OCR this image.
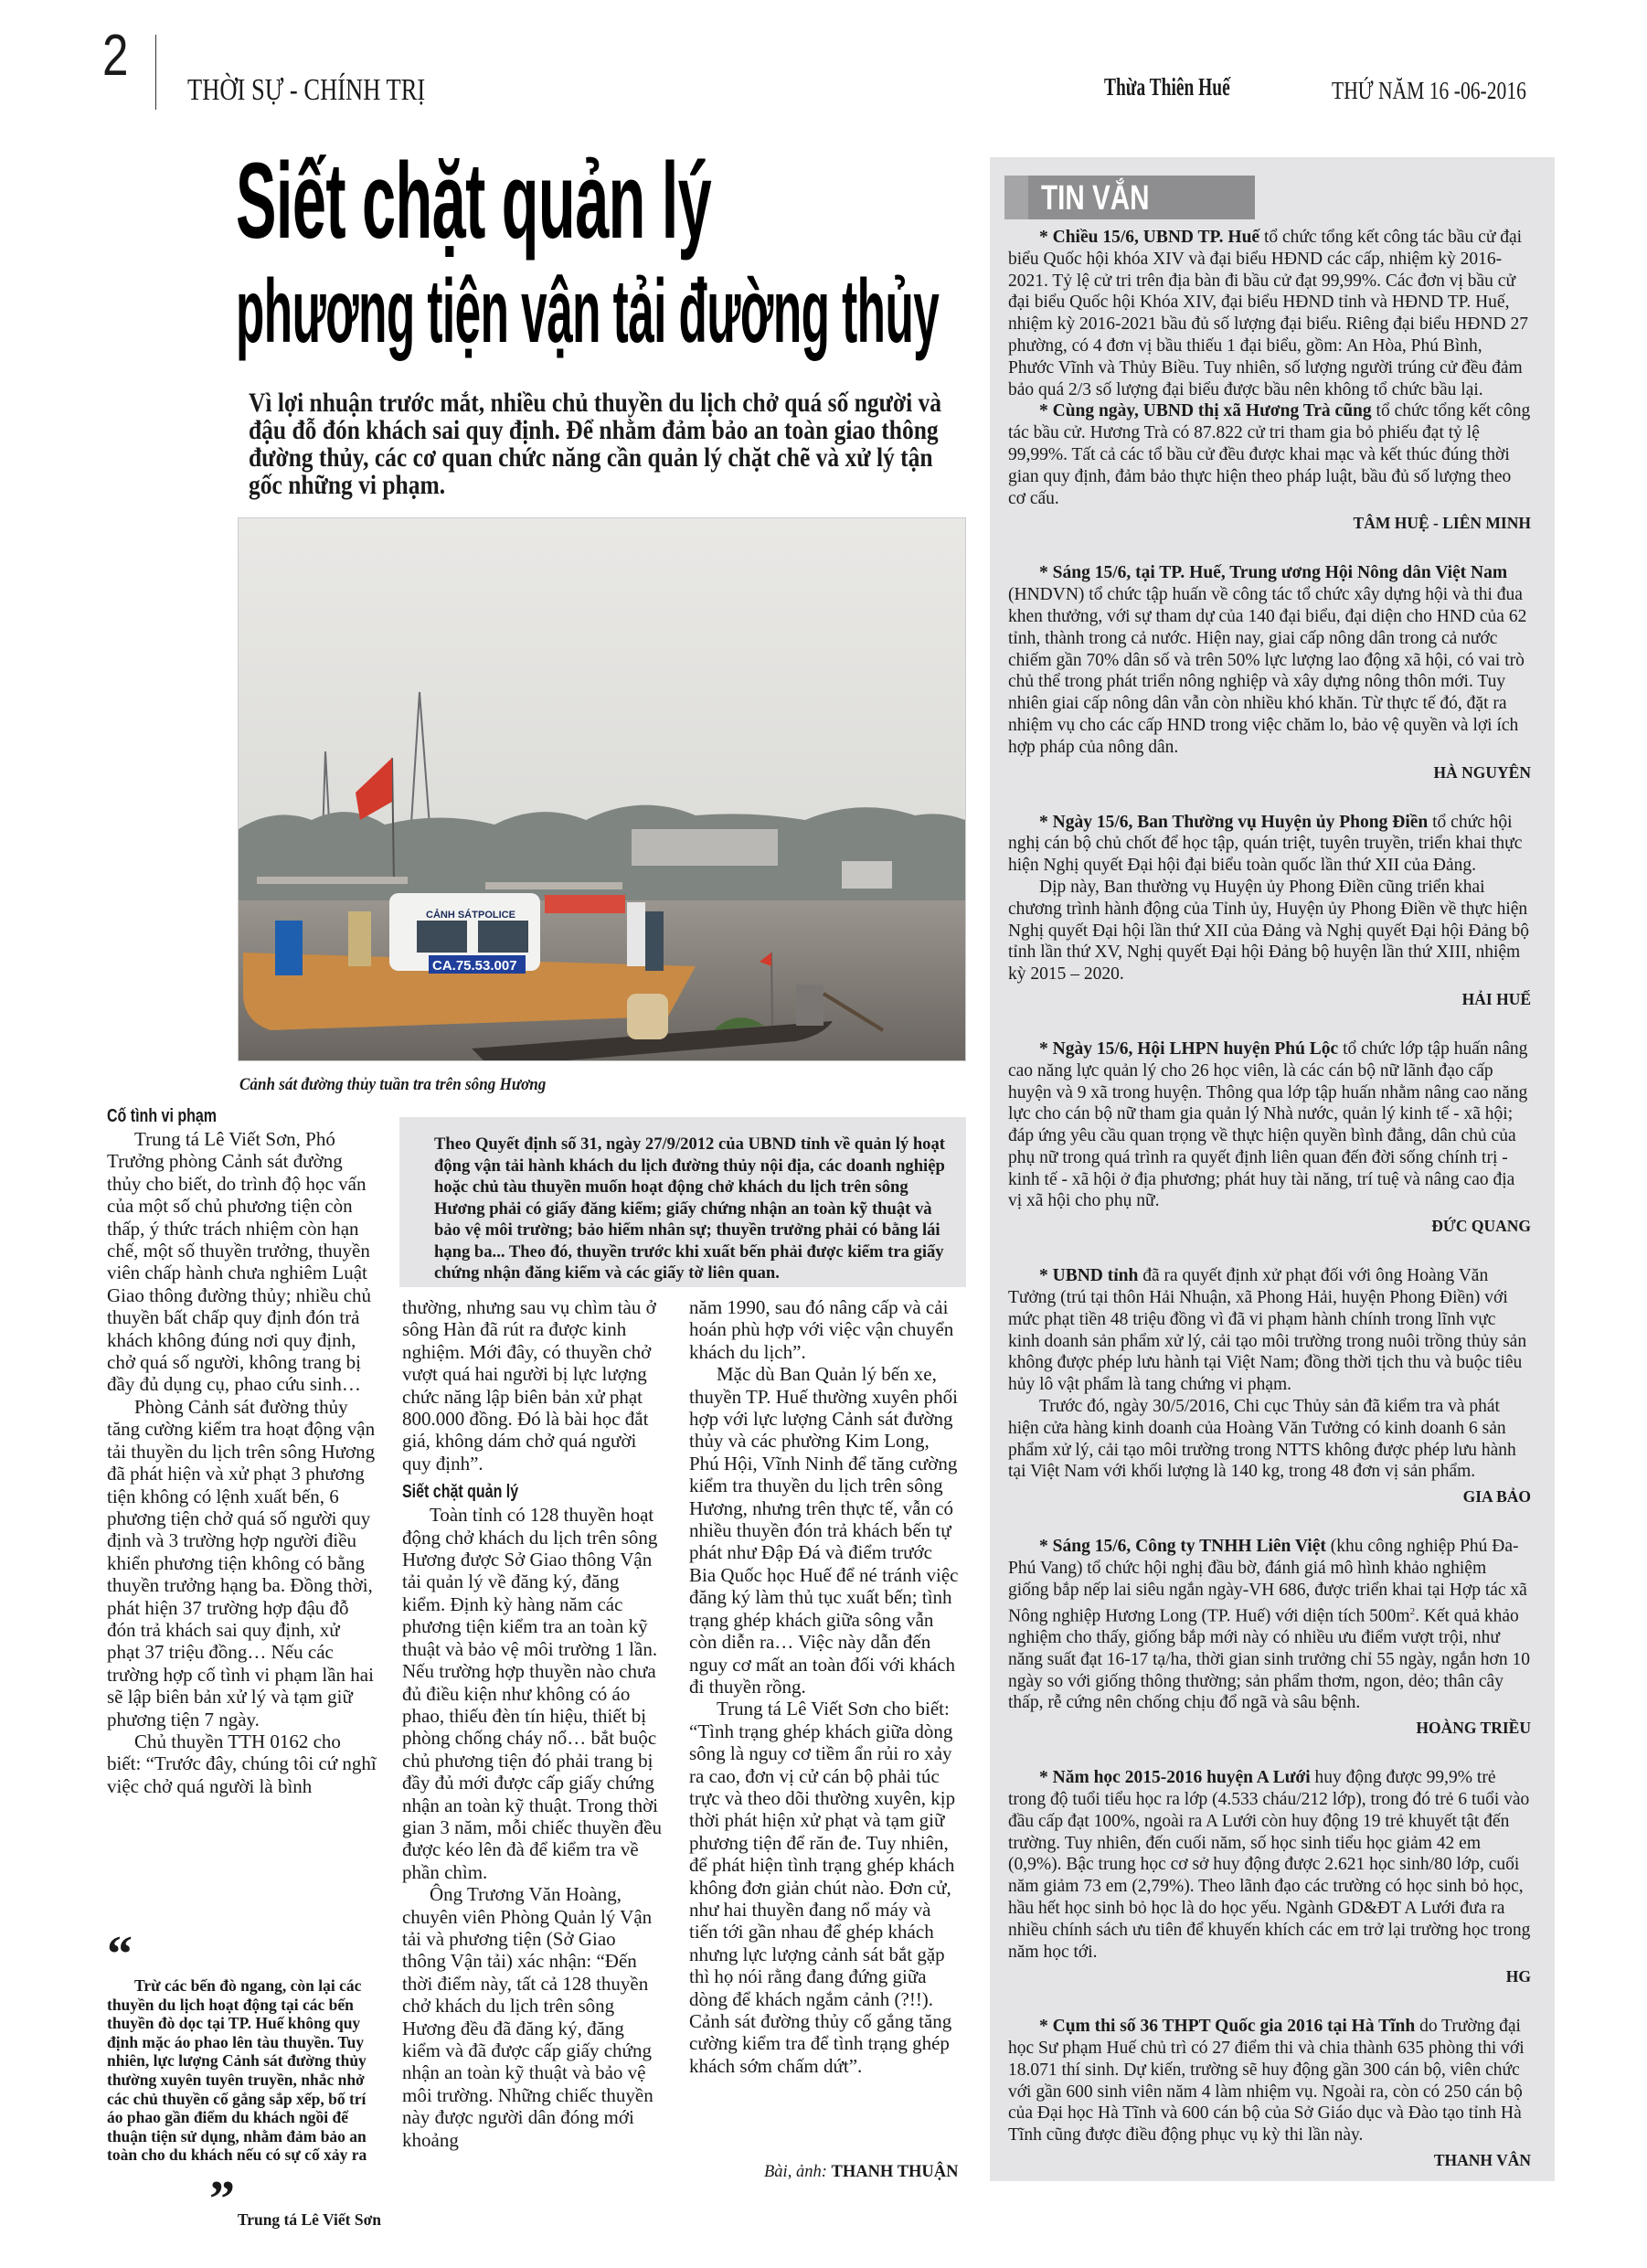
2
THỜI SỰ - CHÍNH TRỊ	Thừa Thiên Huế	THỨ NĂM 16 -06-2016
Siết chặt quản lý
phương tiện vận tải đường thủy
Vì lợi nhuận trước mắt, nhiều chủ thuyền du lịch chở quá số người và đậu đỗ đón khách sai quy định. Để nhằm đảm bảo an toàn giao thông đường thủy, các cơ quan chức năng cần quản lý chặt chẽ và xử lý tận gốc những vi phạm.
CẢNH SÁT POLICE
CA.75.53.007
Cảnh sát đường thủy tuần tra trên sông Hương
Theo Quyết định số 31, ngày 27/9/2012 của UBND tỉnh về quản lý hoạt động vận tải hành khách du lịch đường thủy nội địa, các doanh nghiệp hoặc chủ tàu thuyền muốn hoạt động chở khách du lịch trên sông Hương phải có giấy đăng kiểm; giấy chứng nhận an toàn kỹ thuật và bảo vệ môi trường; bảo hiểm nhân sự; thuyền trưởng phải có bằng lái hạng ba... Theo đó, thuyền trước khi xuất bến phải được kiểm tra giấy chứng nhận đăng kiểm và các giấy tờ liên quan.
Cố tình vi phạm

Trung tá Lê Viết Sơn, Phó Trưởng phòng Cảnh sát đường thủy cho biết, do trình độ học vấn của một số chủ phương tiện còn thấp, ý thức trách nhiệm còn hạn chế, một số thuyền trưởng, thuyền viên chấp hành chưa nghiêm Luật Giao thông đường thủy; nhiều chủ thuyền bất chấp quy định đón trả khách không đúng nơi quy định, chở quá số người, không trang bị đầy đủ dụng cụ, phao cứu sinh…

Phòng Cảnh sát đường thủy tăng cường kiểm tra hoạt động vận tải thuyền du lịch trên sông Hương đã phát hiện và xử phạt 3 phương tiện không có lệnh xuất bến, 6 phương tiện chở quá số người quy định và 3 trường hợp người điều khiển phương tiện không có bằng thuyền trưởng hạng ba. Đồng thời, phát hiện 37 trường hợp đậu đỗ đón trả khách sai quy định, xử phạt 37 triệu đồng… Nếu các trường hợp cố tình vi phạm lần hai sẽ lập biên bản xử lý và tạm giữ phương tiện 7 ngày.

Chủ thuyền TTH 0162 cho biết: “Trước đây, chúng tôi cứ nghĩ việc chở quá người là bình

“

Trừ các bến đò ngang, còn lại các thuyền du lịch hoạt động tại các bến thuyền đò dọc tại TP. Huế không quy định mặc áo phao lên tàu thuyền. Tuy nhiên, lực lượng Cảnh sát đường thủy thường xuyên tuyên truyền, nhắc nhở các chủ thuyền cố gắng sắp xếp, bố trí áo phao gần điểm du khách ngồi để thuận tiện sử dụng, nhằm đảm bảo an toàn cho du khách nếu có sự cố xảy ra

” Trung tá Lê Viết Sơn

thường, nhưng sau vụ chìm tàu ở sông Hàn đã rút ra được kinh nghiệm. Mới đây, có thuyền chở vượt quá hai người bị lực lượng chức năng lập biên bản xử phạt 800.000 đồng. Đó là bài học đắt giá, không dám chở quá người quy định”.

Siết chặt quản lý

Toàn tỉnh có 128 thuyền hoạt động chở khách du lịch trên sông Hương được Sở Giao thông Vận tải quản lý về đăng ký, đăng kiểm. Định kỳ hàng năm các phương tiện kiểm tra an toàn kỹ thuật và bảo vệ môi trường 1 lần. Nếu trường hợp thuyền nào chưa đủ điều kiện như không có áo phao, thiếu đèn tín hiệu, thiết bị phòng chống cháy nổ… bắt buộc chủ phương tiện đó phải trang bị đầy đủ mới được cấp giấy chứng nhận an toàn kỹ thuật. Trong thời gian 3 năm, mỗi chiếc thuyền đều được kéo lên đà để kiểm tra về phần chìm.

Ông Trương Văn Hoàng, chuyên viên Phòng Quản lý Vận tải và phương tiện (Sở Giao thông Vận tải) xác nhận: “Đến thời điểm này, tất cả 128 thuyền chở khách du lịch trên sông Hương đều đã đăng ký, đăng kiểm và đã được cấp giấy chứng nhận an toàn kỹ thuật và bảo vệ môi trường. Những chiếc thuyền này được người dân đóng mới khoảng

năm 1990, sau đó nâng cấp và cải hoán phù hợp với việc vận chuyển khách du lịch”.

Mặc dù Ban Quản lý bến xe, thuyền TP. Huế thường xuyên phối hợp với lực lượng Cảnh sát đường thủy và các phường Kim Long, Phú Hội, Vĩnh Ninh để tăng cường kiểm tra thuyền du lịch trên sông Hương, nhưng trên thực tế, vẫn có nhiều thuyền đón trả khách bến tự phát như Đập Đá và điểm trước Bia Quốc học Huế để né tránh việc đăng ký làm thủ tục xuất bến; tình trạng ghép khách giữa sông vẫn còn diễn ra… Việc này dẫn đến nguy cơ mất an toàn đối với khách đi thuyền rồng.

Trung tá Lê Viết Sơn cho biết: “Tình trạng ghép khách giữa dòng sông là nguy cơ tiềm ẩn rủi ro xảy ra cao, đơn vị cử cán bộ phải túc trực và theo dõi thường xuyên, kịp thời phát hiện xử phạt và tạm giữ phương tiện để răn đe. Tuy nhiên, để phát hiện tình trạng ghép khách không đơn giản chút nào. Đơn cử, như hai thuyền đang nổ máy và tiến tới gần nhau để ghép khách nhưng lực lượng cảnh sát bắt gặp thì họ nói rằng đang đứng giữa dòng để khách ngắm cảnh (?!!). Cảnh sát đường thủy cố gắng tăng cường kiểm tra để tình trạng ghép khách sớm chấm dứt”.

Bài, ảnh: THANH THUẬN
TIN VẮN

* Chiều 15/6, UBND TP. Huế tổ chức tổng kết công tác bầu cử đại biểu Quốc hội khóa XIV và đại biểu HĐND các cấp, nhiệm kỳ 2016-2021. Tỷ lệ cử tri trên địa bàn đi bầu cử đạt 99,99%. Các đơn vị bầu cử đại biểu Quốc hội Khóa XIV, đại biểu HĐND tỉnh và HĐND TP. Huế, nhiệm kỳ 2016-2021 bầu đủ số lượng đại biểu. Riêng đại biểu HĐND 27 phường, có 4 đơn vị bầu thiếu 1 đại biểu, gồm: An Hòa, Phú Bình, Phước Vĩnh và Thủy Biều. Tuy nhiên, số lượng người trúng cử đều đảm bảo quá 2/3 số lượng đại biểu được bầu nên không tổ chức bầu lại.

* Cùng ngày, UBND thị xã Hương Trà cũng tổ chức tổng kết công tác bầu cử. Hương Trà có 87.822 cử tri tham gia bỏ phiếu đạt tỷ lệ 99,99%. Tất cả các tổ bầu cử đều được khai mạc và kết thúc đúng thời gian quy định, đảm bảo thực hiện theo pháp luật, bầu đủ số lượng theo cơ cấu.

TÂM HUỆ - LIÊN MINH

* Sáng 15/6, tại TP. Huế, Trung ương Hội Nông dân Việt Nam (HNDVN) tổ chức tập huấn về công tác tổ chức xây dựng hội và thi đua khen thưởng, với sự tham dự của 140 đại biểu, đại diện cho HND của 62 tỉnh, thành trong cả nước. Hiện nay, giai cấp nông dân trong cả nước chiếm gần 70% dân số và trên 50% lực lượng lao động xã hội, có vai trò chủ thể trong phát triển nông nghiệp và xây dựng nông thôn mới. Tuy nhiên giai cấp nông dân vẫn còn nhiều khó khăn. Từ thực tế đó, đặt ra nhiệm vụ cho các cấp HND trong việc chăm lo, bảo vệ quyền và lợi ích hợp pháp của nông dân.

HÀ NGUYÊN

* Ngày 15/6, Ban Thường vụ Huyện ủy Phong Điền tổ chức hội nghị cán bộ chủ chốt để học tập, quán triệt, tuyên truyền, triển khai thực hiện Nghị quyết Đại hội đại biểu toàn quốc lần thứ XII của Đảng.

Dịp này, Ban thường vụ Huyện ủy Phong Điền cũng triển khai chương trình hành động của Tỉnh ủy, Huyện ủy Phong Điền về thực hiện Nghị quyết Đại hội lần thứ XII của Đảng và Nghị quyết Đại hội Đảng bộ tỉnh lần thứ XV, Nghị quyết Đại hội Đảng bộ huyện lần thứ XIII, nhiệm kỳ 2015 – 2020.

HẢI HUẾ

* Ngày 15/6, Hội LHPN huyện Phú Lộc tổ chức lớp tập huấn nâng cao năng lực quản lý cho 26 học viên, là các cán bộ nữ lãnh đạo cấp huyện và 9 xã trong huyện. Thông qua lớp tập huấn nhằm nâng cao năng lực cho cán bộ nữ tham gia quản lý Nhà nước, quản lý kinh tế - xã hội; đáp ứng yêu cầu quan trọng về thực hiện quyền bình đẳng, dân chủ của phụ nữ trong quá trình ra quyết định liên quan đến đời sống chính trị - kinh tế - xã hội ở địa phương; phát huy tài năng, trí tuệ và nâng cao địa vị xã hội cho phụ nữ.

ĐỨC QUANG

* UBND tỉnh đã ra quyết định xử phạt đối với ông Hoàng Văn Tưởng (trú tại thôn Hải Nhuận, xã Phong Hải, huyện Phong Điền) với mức phạt tiền 48 triệu đồng vì đã vi phạm hành chính trong lĩnh vực kinh doanh sản phẩm xử lý, cải tạo môi trường trong nuôi trồng thủy sản không được phép lưu hành tại Việt Nam; đồng thời tịch thu và buộc tiêu hủy lô vật phẩm là tang chứng vi phạm.

Trước đó, ngày 30/5/2016, Chi cục Thủy sản đã kiểm tra và phát hiện cửa hàng kinh doanh của Hoàng Văn Tưởng có kinh doanh 6 sản phẩm xử lý, cải tạo môi trường trong NTTS không được phép lưu hành tại Việt Nam với khối lượng là 140 kg, trong 48 đơn vị sản phẩm.

GIA BẢO

* Sáng 15/6, Công ty TNHH Liên Việt (khu công nghiệp Phú Đa-Phú Vang) tổ chức hội nghị đầu bờ, đánh giá mô hình khảo nghiệm giống bắp nếp lai siêu ngắn ngày-VH 686, được triển khai tại Hợp tác xã Nông nghiệp Hương Long (TP. Huế) với diện tích $500m^2$. Kết quả khảo nghiệm cho thấy, giống bắp mới này có nhiều ưu điểm vượt trội, như năng suất đạt 16-17 tạ/ha, thời gian sinh trưởng chỉ 55 ngày, ngắn hơn 10 ngày so với giống thông thường; sản phẩm thơm, ngon, dẻo; thân cây thấp, rễ cứng nên chống chịu đổ ngã và sâu bệnh.

HOÀNG TRIỀU

* Năm học 2015-2016 huyện A Lưới huy động được 99,9% trẻ trong độ tuổi tiểu học ra lớp (4.533 cháu/212 lớp), trong đó trẻ 6 tuổi vào đầu cấp đạt 100%, ngoài ra A Lưới còn huy động 19 trẻ khuyết tật đến trường. Tuy nhiên, đến cuối năm, số học sinh tiểu học giảm 42 em (0,9%). Bậc trung học cơ sở huy động được 2.621 học sinh/80 lớp, cuối năm giảm 73 em (2,79%). Theo lãnh đạo các trường có học sinh bỏ học, hầu hết học sinh bỏ học là do học yếu. Ngành GD&ĐT A Lưới đưa ra nhiều chính sách ưu tiên để khuyến khích các em trở lại trường học trong năm học tới.

HG

* Cụm thi số 36 THPT Quốc gia 2016 tại Hà Tĩnh do Trường đại học Sư phạm Huế chủ trì có 27 điểm thi và chia thành 635 phòng thi với 18.071 thí sinh. Dự kiến, trường sẽ huy động gần 300 cán bộ, viên chức với gần 600 sinh viên năm 4 làm nhiệm vụ. Ngoài ra, còn có 250 cán bộ của Đại học Hà Tĩnh và 600 cán bộ của Sở Giáo dục và Đào tạo tỉnh Hà Tĩnh cũng được điều động phục vụ kỳ thi lần này.

THANH VÂN
